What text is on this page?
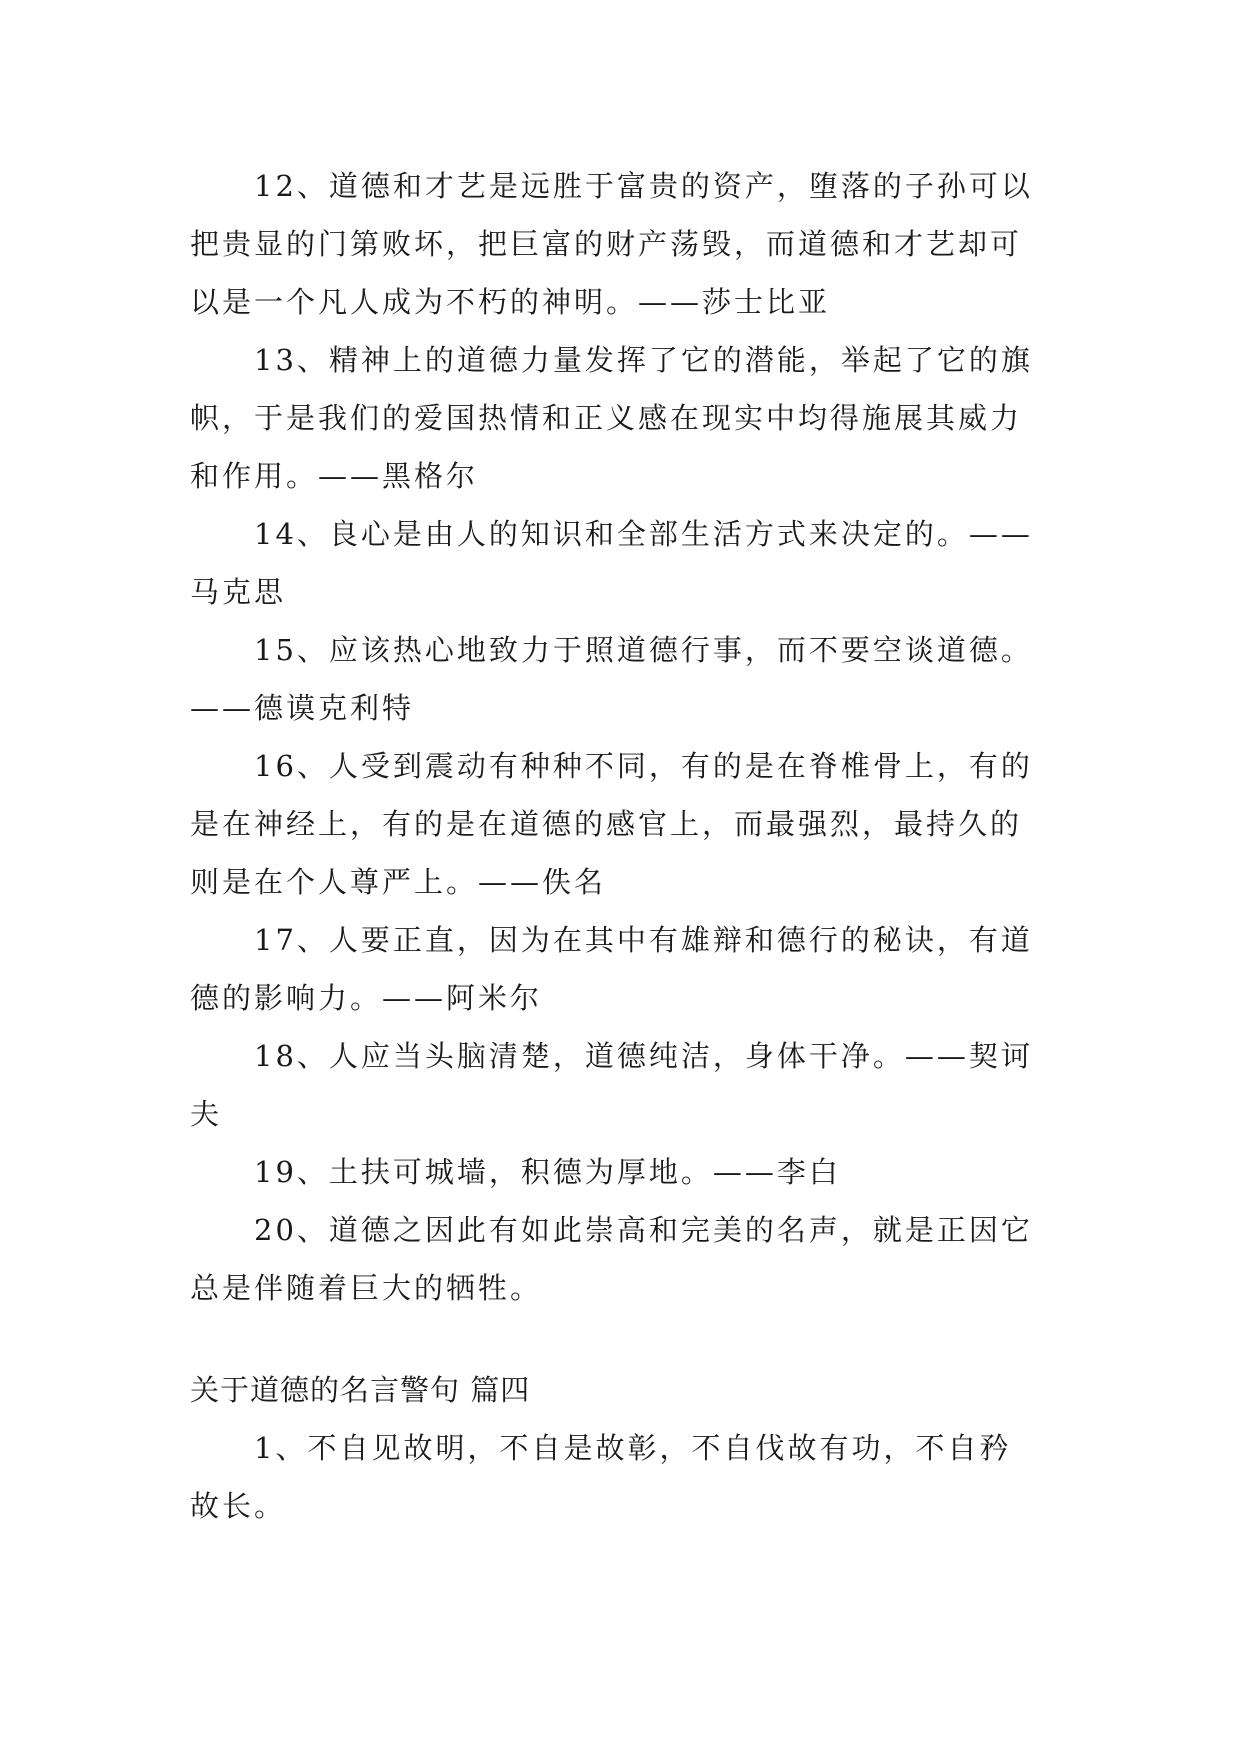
12、道德和才艺是远胜于富贵的资产，堕落的子孙可以
把贵显的门第败坏，把巨富的财产荡毁，而道德和才艺却可
以是一个凡人成为不朽的神明。——莎士比亚
13、精神上的道德力量发挥了它的潜能，举起了它的旗
帜，于是我们的爱国热情和正义感在现实中均得施展其威力
和作用。——黑格尔
14、良心是由人的知识和全部生活方式来决定的。——
马克思
15、应该热心地致力于照道德行事，而不要空谈道德。
——德谟克利特
16、人受到震动有种种不同，有的是在脊椎骨上，有的
是在神经上，有的是在道德的感官上，而最强烈，最持久的
则是在个人尊严上。——佚名
17、人要正直，因为在其中有雄辩和德行的秘诀，有道
德的影响力。——阿米尔
18、人应当头脑清楚，道德纯洁，身体干净。——契诃
夫
19、土扶可城墙，积德为厚地。——李白
20、道德之因此有如此崇高和完美的名声，就是正因它
总是伴随着巨大的牺牲。
关于道德的名言警句 篇四
1、不自见故明，不自是故彰，不自伐故有功，不自矜
故长。
